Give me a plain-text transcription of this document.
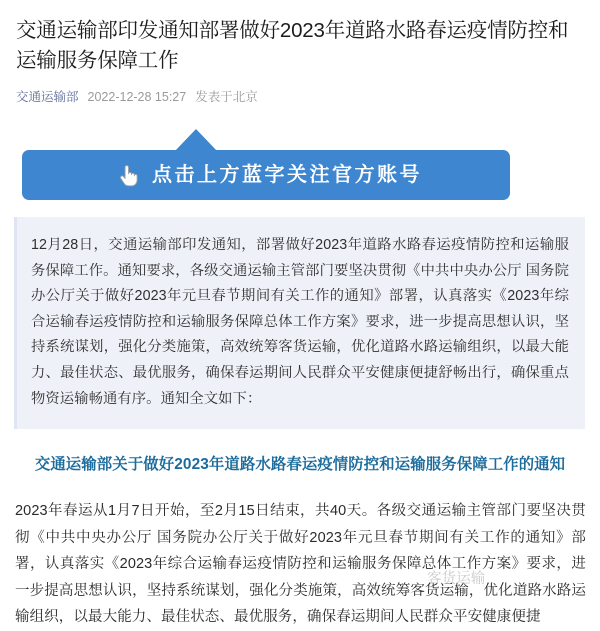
交通运输部印发通知部署做好2023年道路水路春运疫情防控和运输服务保障工作
交通运输部 2022-12-28 15:27 发表于北京
点击上方蓝字关注官方账号

12月28日，交通运输部印发通知，部署做好2023年道路水路春运疫情防控和运输服务保障工作。通知要求，各级交通运输主管部门要坚决贯彻《中共中央办公厅 国务院办公厅关于做好2023年元旦春节期间有关工作的通知》部署，认真落实《2023年综合运输春运疫情防控和运输服务保障总体工作方案》要求，进一步提高思想认识，坚持系统谋划，强化分类施策，高效统筹客货运输，优化道路水路运输组织，以最大能力、最佳状态、最优服务，确保春运期间人民群众平安健康便捷舒畅出行，确保重点物资运输畅通有序。通知全文如下：

交通运输部关于做好2023年道路水路春运疫情防控和运输服务保障工作的通知
2023年春运从1月7日开始，至2月15日结束，共40天。各级交通运输主管部门要坚决贯彻《中共中央办公厅 国务院办公厅关于做好2023年元旦春节期间有关工作的通知》部署，认真落实《2023年综合运输春运疫情防控和运输服务保障总体工作方案》要求，进一步提高思想认识，坚持系统谋划，强化分类施策，高效统筹客货运输，优化道路水路运输组织，以最大能力、最佳状态、最优服务，确保春运期间人民群众平安健康便捷
客货运输
